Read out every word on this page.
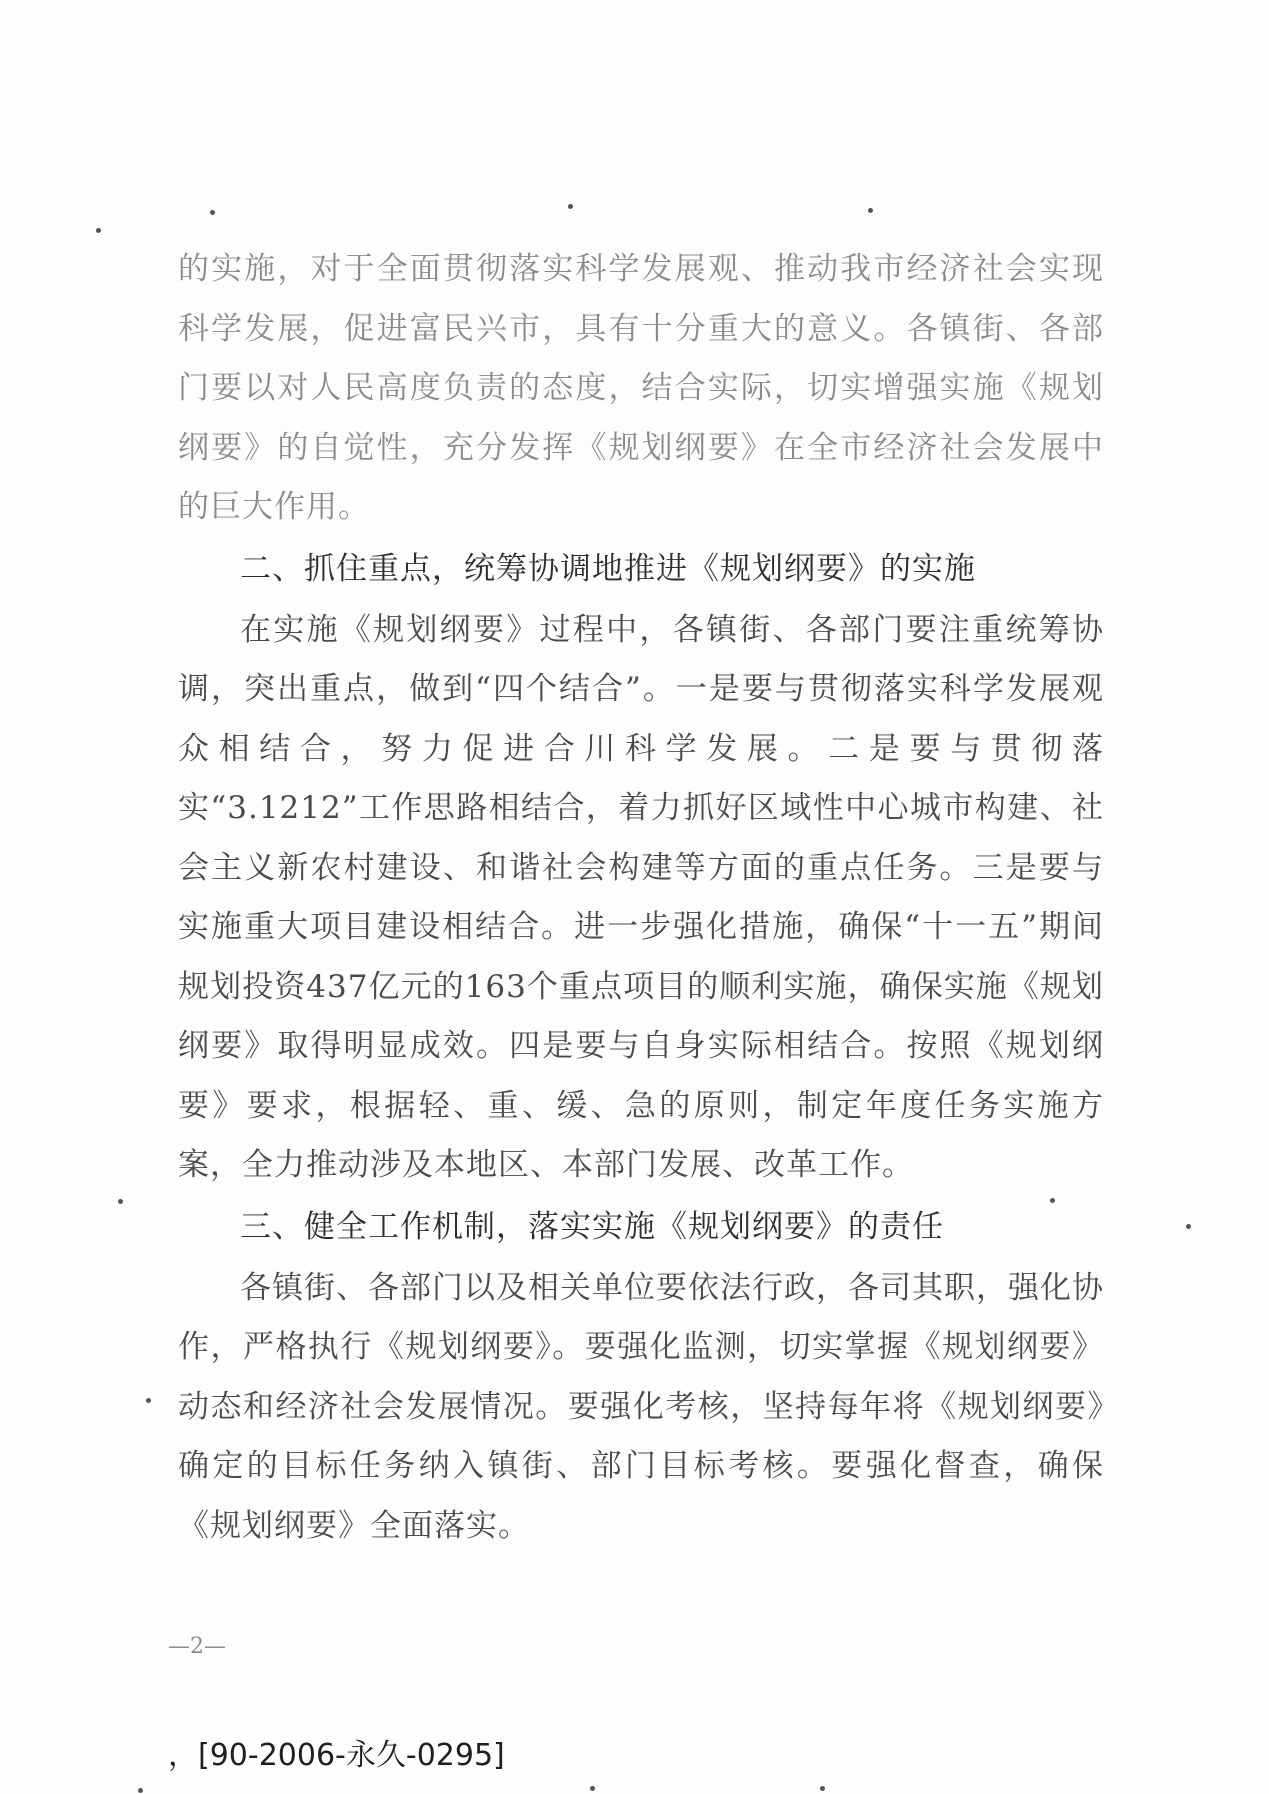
的实施，对于全面贯彻落实科学发展观、推动我市经济社会实现科学发展，促进富民兴市，具有十分重大的意义。各镇街、各部门要以对人民高度负责的态度，结合实际，切实增强实施《规划纲要》的自觉性，充分发挥《规划纲要》在全市经济社会发展中的巨大作用。

二、抓住重点，统筹协调地推进《规划纲要》的实施

在实施《规划纲要》过程中，各镇街、各部门要注重统筹协调，突出重点，做到“四个结合”。一是要与贯彻落实科学发展观众相结合，努力促进合川科学发展。二是要与贯彻落实“3.1212”工作思路相结合，着力抓好区域性中心城市构建、社会主义新农村建设、和谐社会构建等方面的重点任务。三是要与实施重大项目建设相结合。进一步强化措施，确保“十一五”期间规划投资437亿元的163个重点项目的顺利实施，确保实施《规划纲要》取得明显成效。四是要与自身实际相结合。按照《规划纲要》要求，根据轻、重、缓、急的原则，制定年度任务实施方案，全力推动涉及本地区、本部门发展、改革工作。

三、健全工作机制，落实实施《规划纲要》的责任

各镇街、各部门以及相关单位要依法行政，各司其职，强化协作，严格执行《规划纲要》。要强化监测，切实掌握《规划纲要》动态和经济社会发展情况。要强化考核，坚持每年将《规划纲要》确定的目标任务纳入镇街、部门目标考核。要强化督查，确保《规划纲要》全面落实。

—2—
，[90-2006-永久-0295]
